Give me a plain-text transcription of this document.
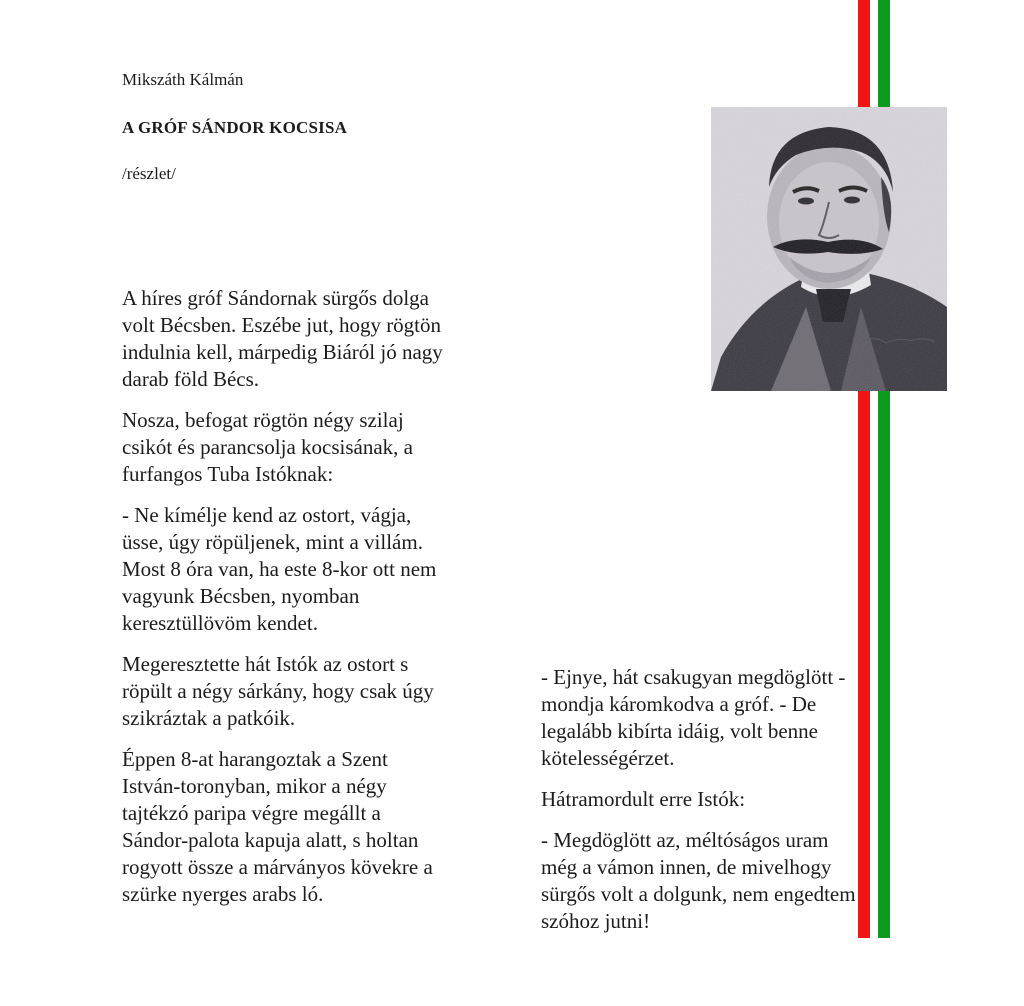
Mikszáth Kálmán
A GRÓF SÁNDOR KOCSISA
/részlet/

A híres gróf Sándornak sürgős dolga
volt Bécsben. Eszébe jut, hogy rögtön
indulnia kell, márpedig Biáról jó nagy
darab föld Bécs.

Nosza, befogat rögtön négy szilaj
csikót és parancsolja kocsisának, a
furfangos Tuba Istóknak:

- Ne kímélje kend az ostort, vágja,
üsse, úgy röpüljenek, mint a villám.
Most 8 óra van, ha este 8-kor ott nem
vagyunk Bécsben, nyomban
keresztüllövöm kendet.

Megeresztette hát Istók az ostort s
röpült a négy sárkány, hogy csak úgy
szikráztak a patkóik.

Éppen 8-at harangoztak a Szent
István-toronyban, mikor a négy
tajtékzó paripa végre megállt a
Sándor-palota kapuja alatt, s holtan
rogyott össze a márványos kövekre a
szürke nyerges arabs ló.

- Ejnye, hát csakugyan megdöglött -
mondja káromkodva a gróf. - De
legalább kibírta idáig, volt benne
kötelességérzet.

Hátramordult erre Istók:

- Megdöglött az, méltóságos uram
még a vámon innen, de mivelhogy
sürgős volt a dolgunk, nem engedtem
szóhoz jutni!
